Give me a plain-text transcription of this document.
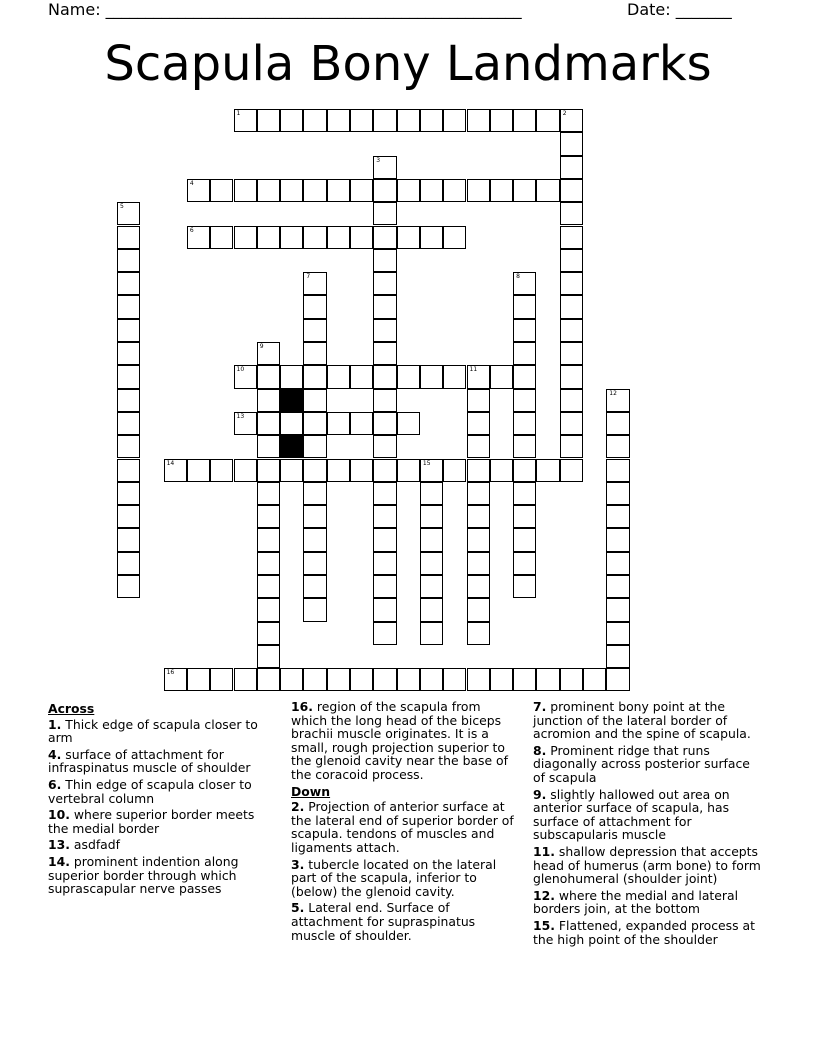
Name: ____________________________________________________	Date: _______
Scapula Bony Landmarks
1	2
3
4
5
6
7	8
9
10	11
12
13
14	15
16
Across
1. Thick edge of scapula closer to arm
4. surface of attachment for infraspinatus muscle of shoulder
6. Thin edge of scapula closer to vertebral column
10. where superior border meets the medial border
13. asdfadf
14. prominent indention along superior border through which suprascapular nerve passes
16. region of the scapula from which the long head of the biceps brachii muscle originates. It is a small, rough projection superior to the glenoid cavity near the base of the coracoid process.
Down
2. Projection of anterior surface at the lateral end of superior border of scapula. tendons of muscles and ligaments attach.
3. tubercle located on the lateral part of the scapula, inferior to (below) the glenoid cavity.
5. Lateral end. Surface of attachment for supraspinatus muscle of shoulder.
7. prominent bony point at the junction of the lateral border of acromion and the spine of scapula.
8. Prominent ridge that runs diagonally across posterior surface of scapula
9. slightly hallowed out area on anterior surface of scapula, has surface of attachment for subscapularis muscle
11. shallow depression that accepts head of humerus (arm bone) to form glenohumeral (shoulder joint)
12. where the medial and lateral borders join, at the bottom
15. Flattened, expanded process at the high point of the shoulder
